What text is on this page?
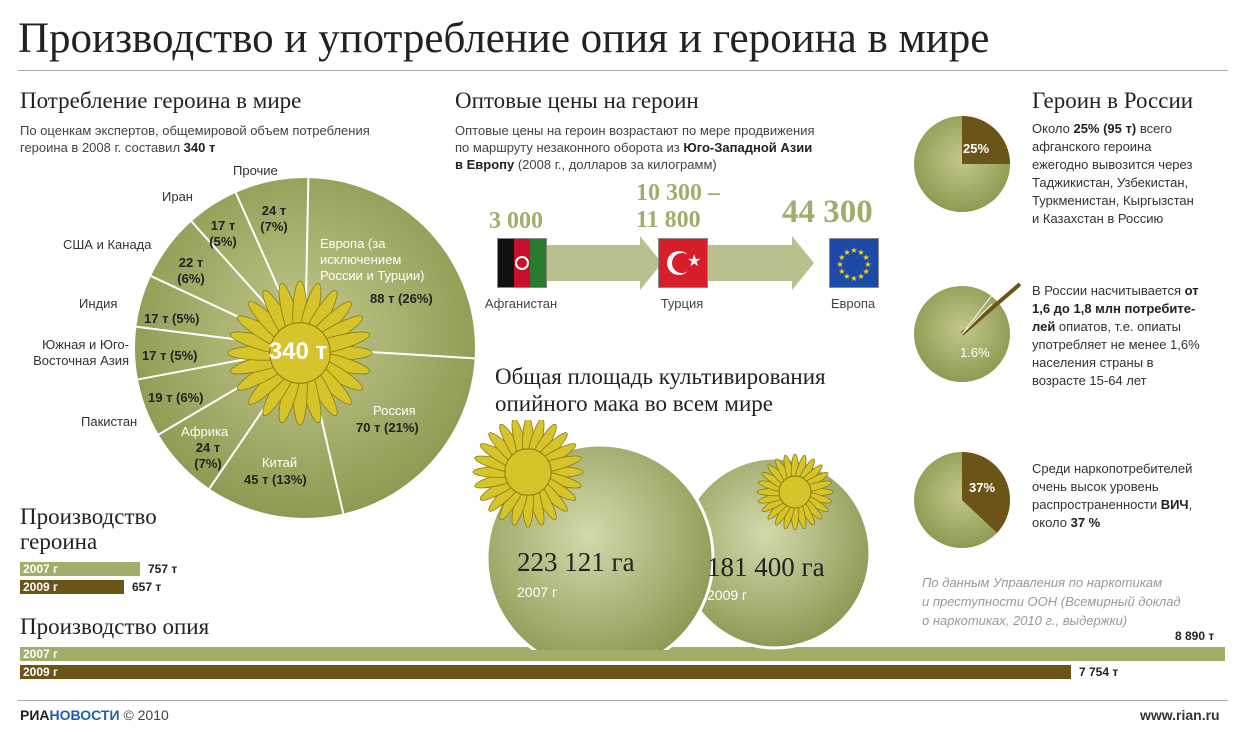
Производство и употребление опия и героина в мире
Потребление героина в мире
По оценкам экспертов, общемировой объем потребления
героина в 2008 г. составил 340 т
Прочие
Иран
США и Канада
Индия
Южная и Юго-Восточная Азия
Пакистан
24 т (7%)
17 т (5%)
22 т (6%)
17 т (5%)
17 т (5%)
19 т (6%)
Африка
24 т (7%)	Китай
45 т (13%)
Россия
70 т (21%)
Европа (за исключением России и Турции)
88 т (26%)
340 т
Производство
героина
2007 г	757 т
2009 г	657 т
Производство опия
2007 г
8 890 т
2009 г	7 754 т
Оптовые цены на героин
Оптовые цены на героин возрастают по мере продвижения
по маршруту незаконного оборота из Юго-Западной Азии
в Европу (2008 г., долларов за килограмм)
3 000
10 300 –
11 800	44 300
★	★
★
★
★
★
★
★
★
★ ★ ★
★
Афганистан	Турция	Европа
Общая площадь культивирования
опийного мака во всем мире
223 121 га
2007 г
181 400 га
2009 г
Героин в России
25%
Около 25% (95 т) всего
афганского героина
ежегодно вывозится через
Таджикистан, Узбекистан,
Туркменистан, Кыргызстан
и Казахстан в Россию
1.6%
В России насчитывается от
1,6 до 1,8 млн потребите-
лей опиатов, т.е. опиаты
употребляет не менее 1,6%
населения страны в
возрасте 15-64 лет
37%
Среди наркопотребителей
очень высок уровень
распространенности ВИЧ,
около 37 %
По данным Управления по наркотикам
и преступности ООН (Всемирный доклад
о наркотиках, 2010 г., выдержки)
РИАНОВОСТИ © 2010	www.rian.ru
